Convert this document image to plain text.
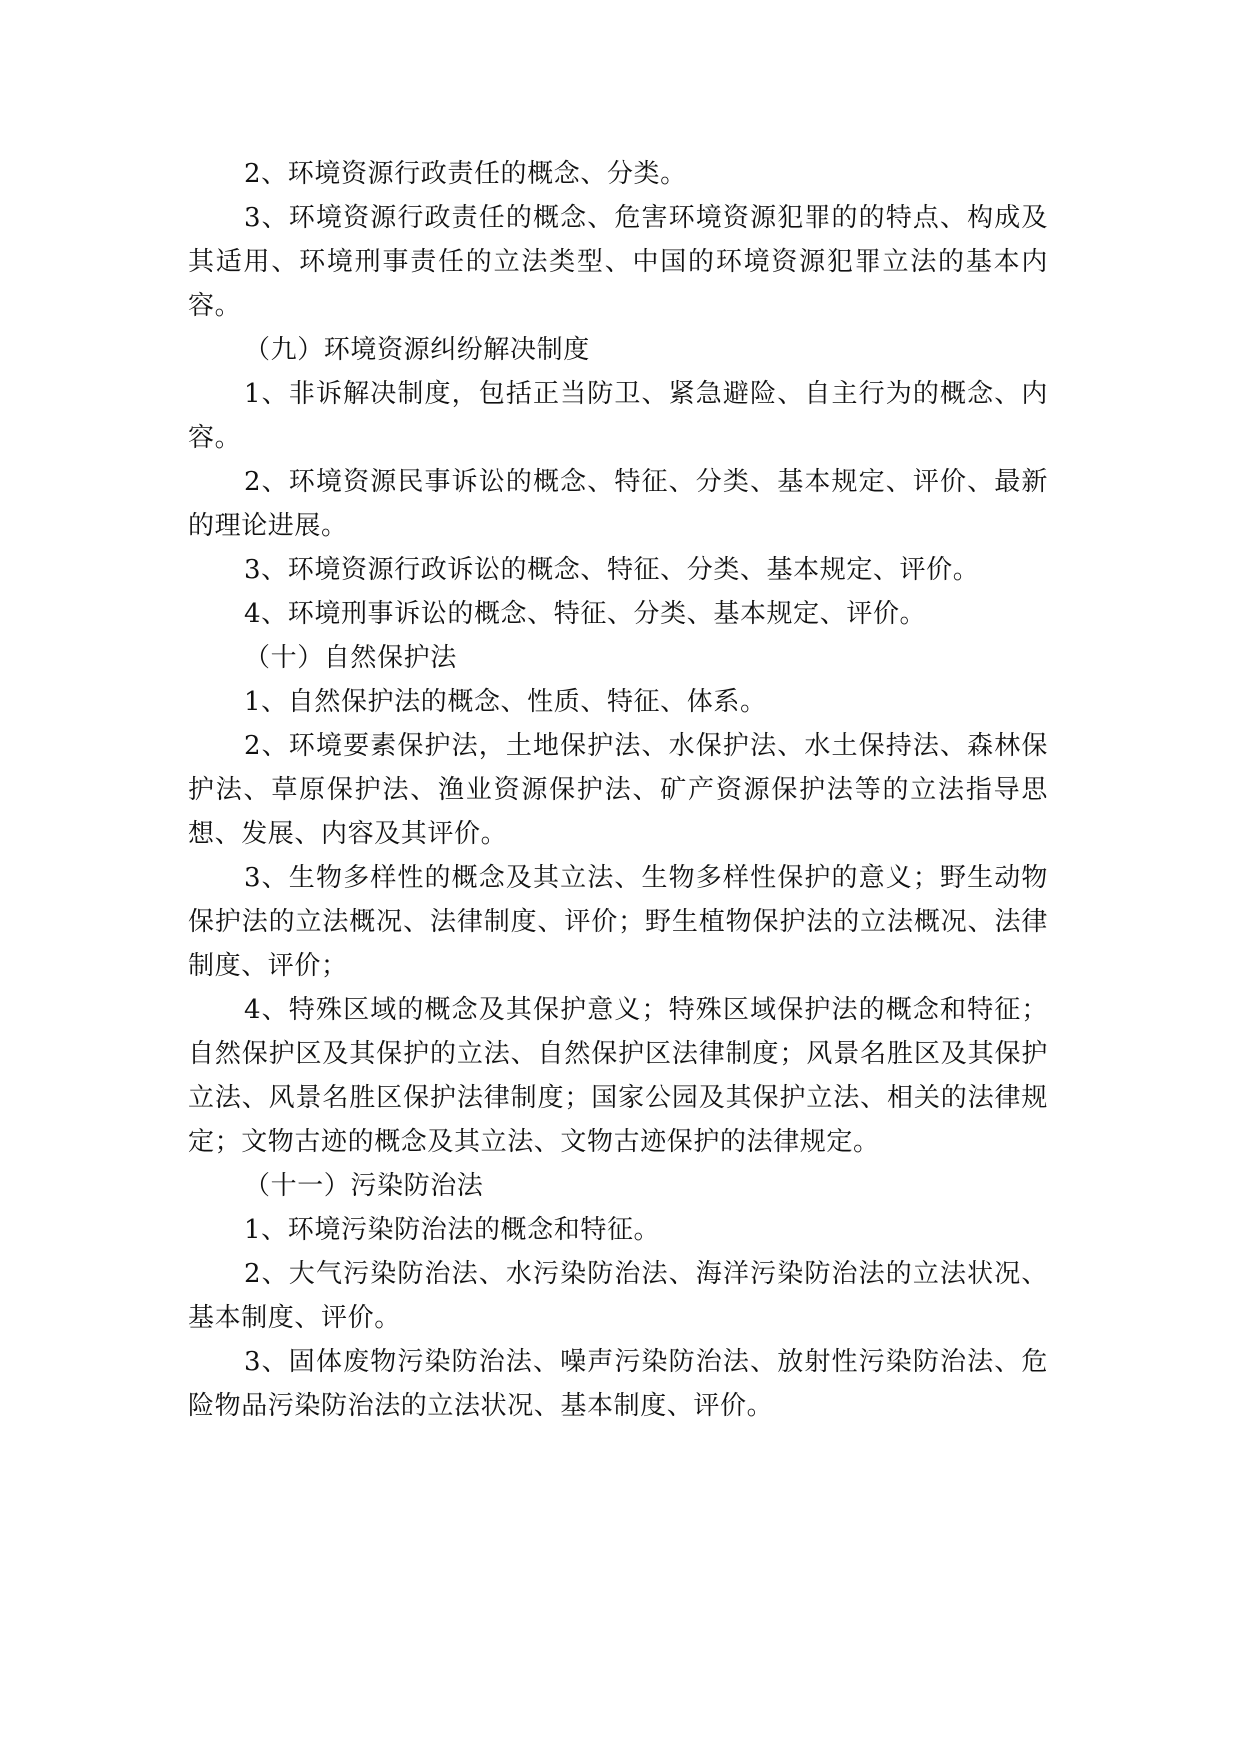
2、环境资源行政责任的概念、分类。

3、环境资源行政责任的概念、危害环境资源犯罪的的特点、构成及其适用、环境刑事责任的立法类型、中国的环境资源犯罪立法的基本内容。

（九）环境资源纠纷解决制度

1、非诉解决制度，包括正当防卫、紧急避险、自主行为的概念、内容。

2、环境资源民事诉讼的概念、特征、分类、基本规定、评价、最新的理论进展。

3、环境资源行政诉讼的概念、特征、分类、基本规定、评价。

4、环境刑事诉讼的概念、特征、分类、基本规定、评价。

（十）自然保护法

1、自然保护法的概念、性质、特征、体系。

2、环境要素保护法，土地保护法、水保护法、水土保持法、森林保护法、草原保护法、渔业资源保护法、矿产资源保护法等的立法指导思想、发展、内容及其评价。

3、生物多样性的概念及其立法、生物多样性保护的意义；野生动物保护法的立法概况、法律制度、评价；野生植物保护法的立法概况、法律制度、评价；

4、特殊区域的概念及其保护意义；特殊区域保护法的概念和特征；自然保护区及其保护的立法、自然保护区法律制度；风景名胜区及其保护立法、风景名胜区保护法律制度；国家公园及其保护立法、相关的法律规定；文物古迹的概念及其立法、文物古迹保护的法律规定。

（十一）污染防治法

1、环境污染防治法的概念和特征。

2、大气污染防治法、水污染防治法、海洋污染防治法的立法状况、基本制度、评价。

3、固体废物污染防治法、噪声污染防治法、放射性污染防治法、危险物品污染防治法的立法状况、基本制度、评价。
